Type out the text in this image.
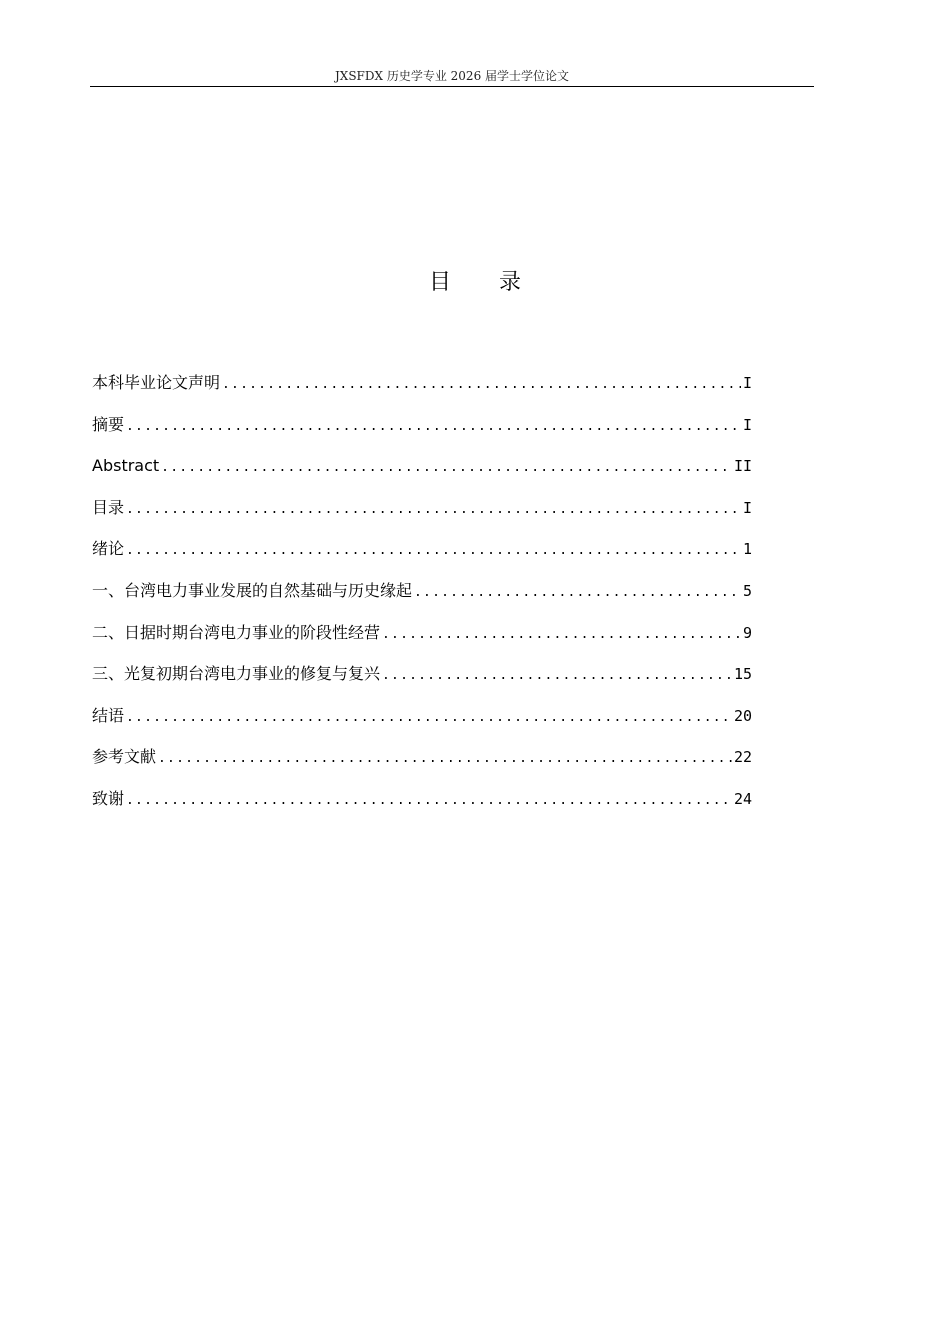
JXSFDX 历史学专业 2026 届学士学位论文
目录
本科毕业论文声明 .....	I
摘要 .....	I
Abstract .....	II
目录 .....	I
绪论 .....	1
一、台湾电力事业发展的自然基础与历史缘起 .....	5
二、日据时期台湾电力事业的阶段性经营 .....	9
三、光复初期台湾电力事业的修复与复兴 .....	15
结语 .....	20
参考文献 .....	22
致谢 .....	24
